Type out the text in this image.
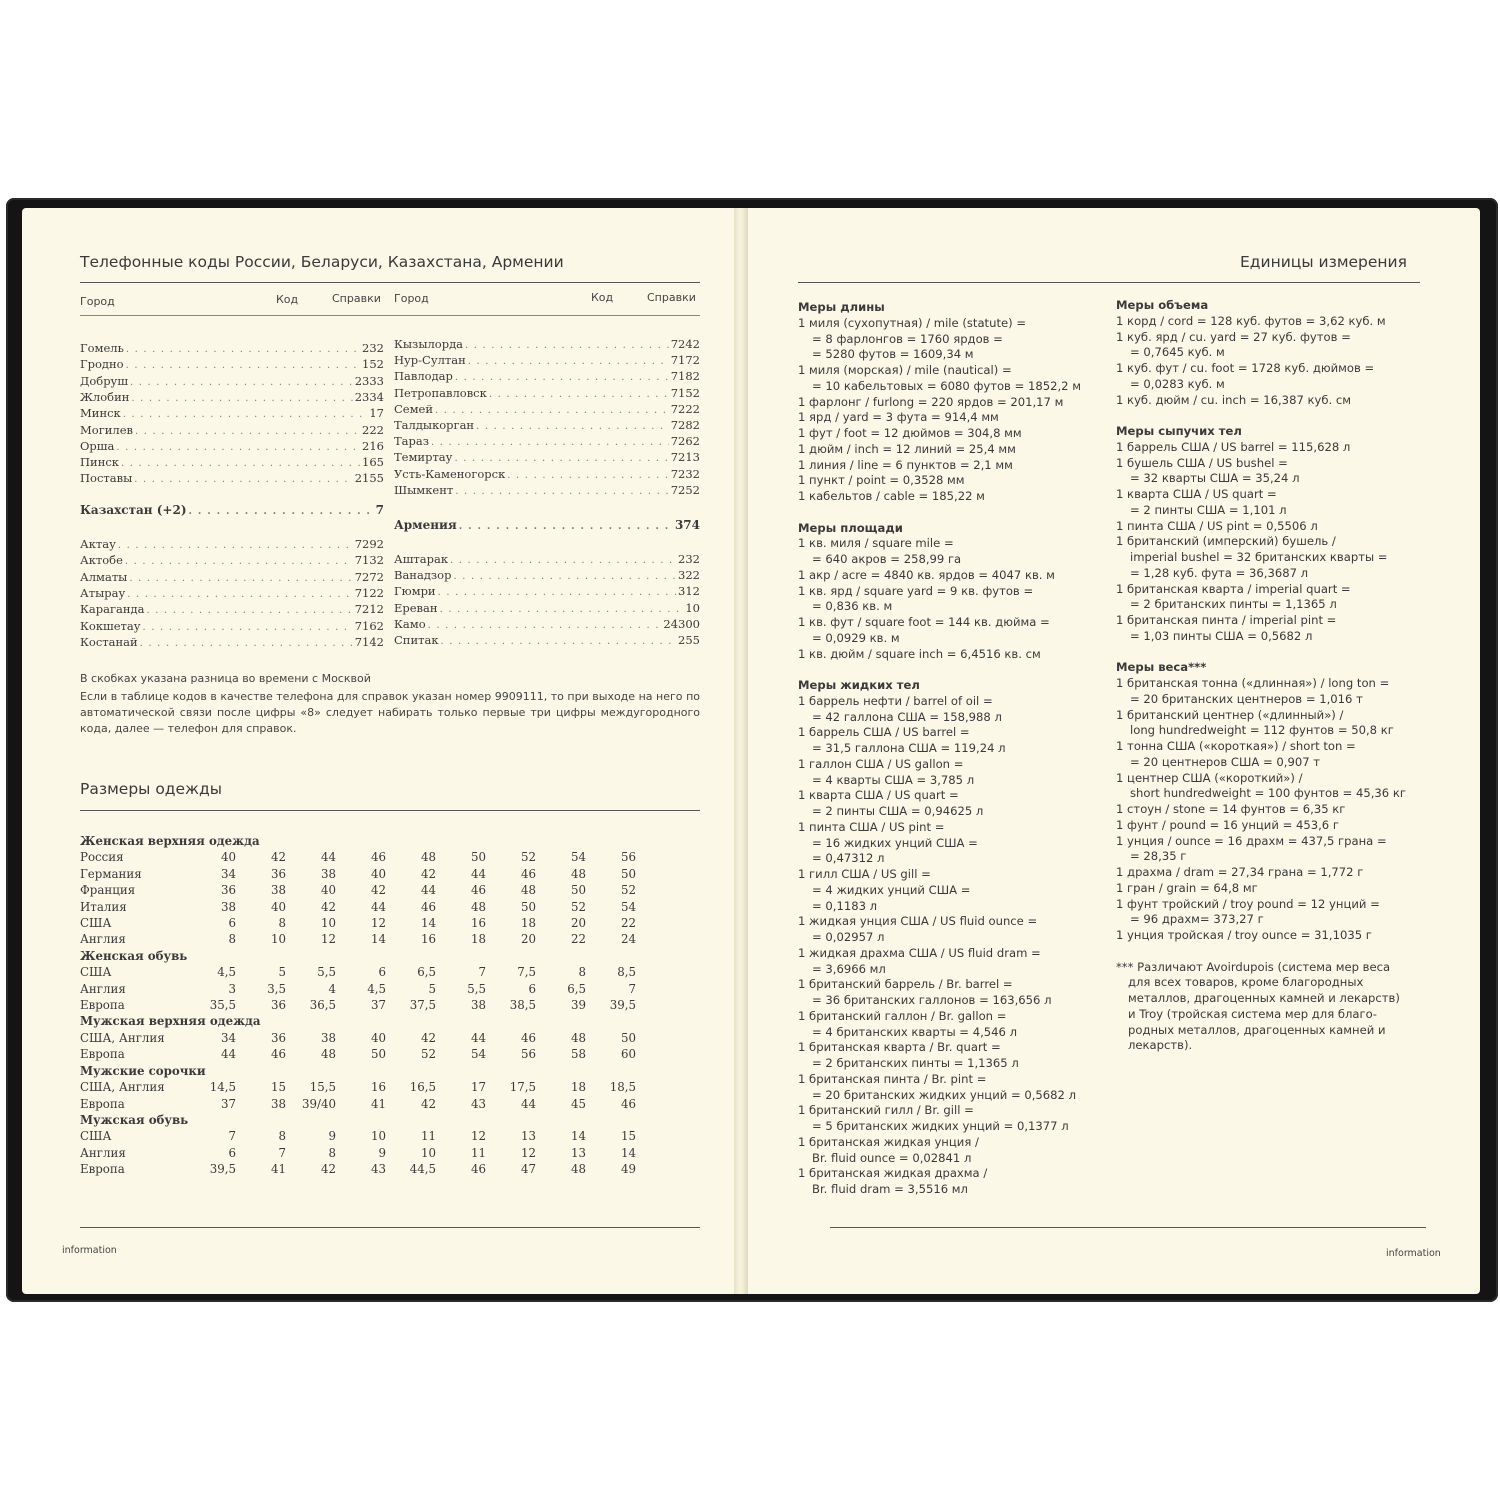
Телефонные коды России, Беларуси, Казахстана, Армении
Город	Код	Справки Город	Код	Справки
Гомель . . .	232
Гродно . . .	152
Добруш . . .	2333
Жлобин . . .	2334
Минск . . .	17
Могилев . . .	222
Орша . . .	216
Пинск . . .	165
Поставы . . .	2155
Казахстан (+2) . . .	7
Актау . . .	7292
Актобе . . .	7132
Алматы . . .	7272
Атырау . . .	7122
Караганда . . .	7212
Кокшетау . . .	7162
Костанай . . .	7142
Кызылорда . . .	7242
Нур-Султан . . .	7172
Павлодар . . .	7182
Петропавловск . . .	7152
Семей . . .	7222
Талдыкорган . . .	7282
Тараз . . .	7262
Темиртау . . .	7213
Усть-Каменогорск . . .	7232
Шымкент . . .	7252
Армения . . .	374
Аштарак . . .	232
Ванадзор . . .	322
Гюмри . . .	312
Ереван . . .	10
Камо . . .	24300
Спитак . . .	255
В скобках указана разница во времени с Москвой
Если в таблице кодов в качестве телефона для справок указан номер 9909111, то при выходе на него по автоматической связи после цифры «8» следует набирать только первые три цифры междугородного кода, далее — телефон для справок.
Размеры одежды
Женская верхняя одежда
Россия	40	42	44	46	48	50	52	54	56
Германия	34	36	38	40	42	44	46	48	50
Франция	36	38	40	42	44	46	48	50	52
Италия	38	40	42	44	46	48	50	52	54
США	6	8	10	12	14	16	18	20	22
Англия	8	10	12	14	16	18	20	22	24
Женская обувь
США	4,5	5	5,5	6	6,5	7	7,5	8	8,5
Англия	3	3,5	4	4,5	5	5,5	6	6,5	7
Европа	35,5	36	36,5	37	37,5	38	38,5	39	39,5
Мужская верхняя одежда
США, Англия	34	36	38	40	42	44	46	48	50
Европа	44	46	48	50	52	54	56	58	60
Мужские сорочки
США, Англия	14,5	15	15,5	16	16,5	17	17,5	18	18,5
Европа	37	38	39/40	41	42	43	44	45	46
Мужская обувь
США	7	8	9	10	11	12	13	14	15
Англия	6	7	8	9	10	11	12	13	14
Европа	39,5	41	42	43	44,5	46	47	48	49
information
Единицы измерения
Меры длины
1 миля (сухопутная) / mile (statute) =
= 8 фарлонгов = 1760 ярдов =
= 5280 футов = 1609,34 м
1 миля (морская) / mile (nautical) =
= 10 кабельтовых = 6080 футов = 1852,2 м
1 фарлонг / furlong = 220 ярдов = 201,17 м
1 ярд / yard = 3 фута = 914,4 мм
1 фут / foot = 12 дюймов = 304,8 мм
1 дюйм / inch = 12 линий = 25,4 мм
1 линия / line = 6 пунктов = 2,1 мм
1 пункт / point = 0,3528 мм
1 кабельтов / cable = 185,22 м
Меры площади
1 кв. миля / square mile =
= 640 акров = 258,99 га
1 акр / acre = 4840 кв. ярдов = 4047 кв. м
1 кв. ярд / square yard = 9 кв. футов =
= 0,836 кв. м
1 кв. фут / square foot = 144 кв. дюйма =
= 0,0929 кв. м
1 кв. дюйм / square inch = 6,4516 кв. см
Меры жидких тел
1 баррель нефти / barrel of oil =
= 42 галлона США = 158,988 л
1 баррель США / US barrel =
= 31,5 галлона США = 119,24 л
1 галлон США / US gallon =
= 4 кварты США = 3,785 л
1 кварта США / US quart =
= 2 пинты США = 0,94625 л
1 пинта США / US pint =
= 16 жидких унций США =
= 0,47312 л
1 гилл США / US gill =
= 4 жидких унций США =
= 0,1183 л
1 жидкая унция США / US fluid ounce =
= 0,02957 л
1 жидкая драхма США / US fluid dram =
= 3,6966 мл
1 британский баррель / Br. barrel =
= 36 британских галлонов = 163,656 л
1 британский галлон / Br. gallon =
= 4 британских кварты = 4,546 л
1 британская кварта / Br. quart =
= 2 британских пинты = 1,1365 л
1 британская пинта / Br. pint =
= 20 британских жидких унций = 0,5682 л
1 британский гилл / Br. gill =
= 5 британских жидких унций = 0,1377 л
1 британская жидкая унция /
Br. fluid ounce = 0,02841 л
1 британская жидкая драхма /
Br. fluid dram = 3,5516 мл
Меры объема
1 корд / cord = 128 куб. футов = 3,62 куб. м
1 куб. ярд / cu. yard = 27 куб. футов =
= 0,7645 куб. м
1 куб. фут / cu. foot = 1728 куб. дюймов =
= 0,0283 куб. м
1 куб. дюйм / cu. inch = 16,387 куб. см
Меры сыпучих тел
1 баррель США / US barrel = 115,628 л
1 бушель США / US bushel =
= 32 кварты США = 35,24 л
1 кварта США / US quart =
= 2 пинты США = 1,101 л
1 пинта США / US pint = 0,5506 л
1 британский (имперский) бушель /
imperial bushel = 32 британских кварты =
= 1,28 куб. фута = 36,3687 л
1 британская кварта / imperial quart =
= 2 британских пинты = 1,1365 л
1 британская пинта / imperial pint =
= 1,03 пинты США = 0,5682 л
Меры веса***
1 британская тонна («длинная») / long ton =
= 20 британских центнеров = 1,016 т
1 британский центнер («длинный») /
long hundredweight = 112 фунтов = 50,8 кг
1 тонна США («короткая») / short ton =
= 20 центнеров США = 0,907 т
1 центнер США («короткий») /
short hundredweight = 100 фунтов = 45,36 кг
1 стоун / stone = 14 фунтов = 6,35 кг
1 фунт / pound = 16 унций = 453,6 г
1 унция / ounce = 16 драхм = 437,5 грана =
= 28,35 г
1 драхма / dram = 27,34 грана = 1,772 г
1 гран / grain = 64,8 мг
1 фунт тройский / troy pound = 12 унций =
= 96 драхм= 373,27 г
1 унция тройская / troy ounce = 31,1035 г
*** Различают Avoirdupois (система мер веса
для всех товаров, кроме благородных
металлов, драгоценных камней и лекарств)
и Troy (тройская система мер для благо-
родных металлов, драгоценных камней и
лекарств).
information
